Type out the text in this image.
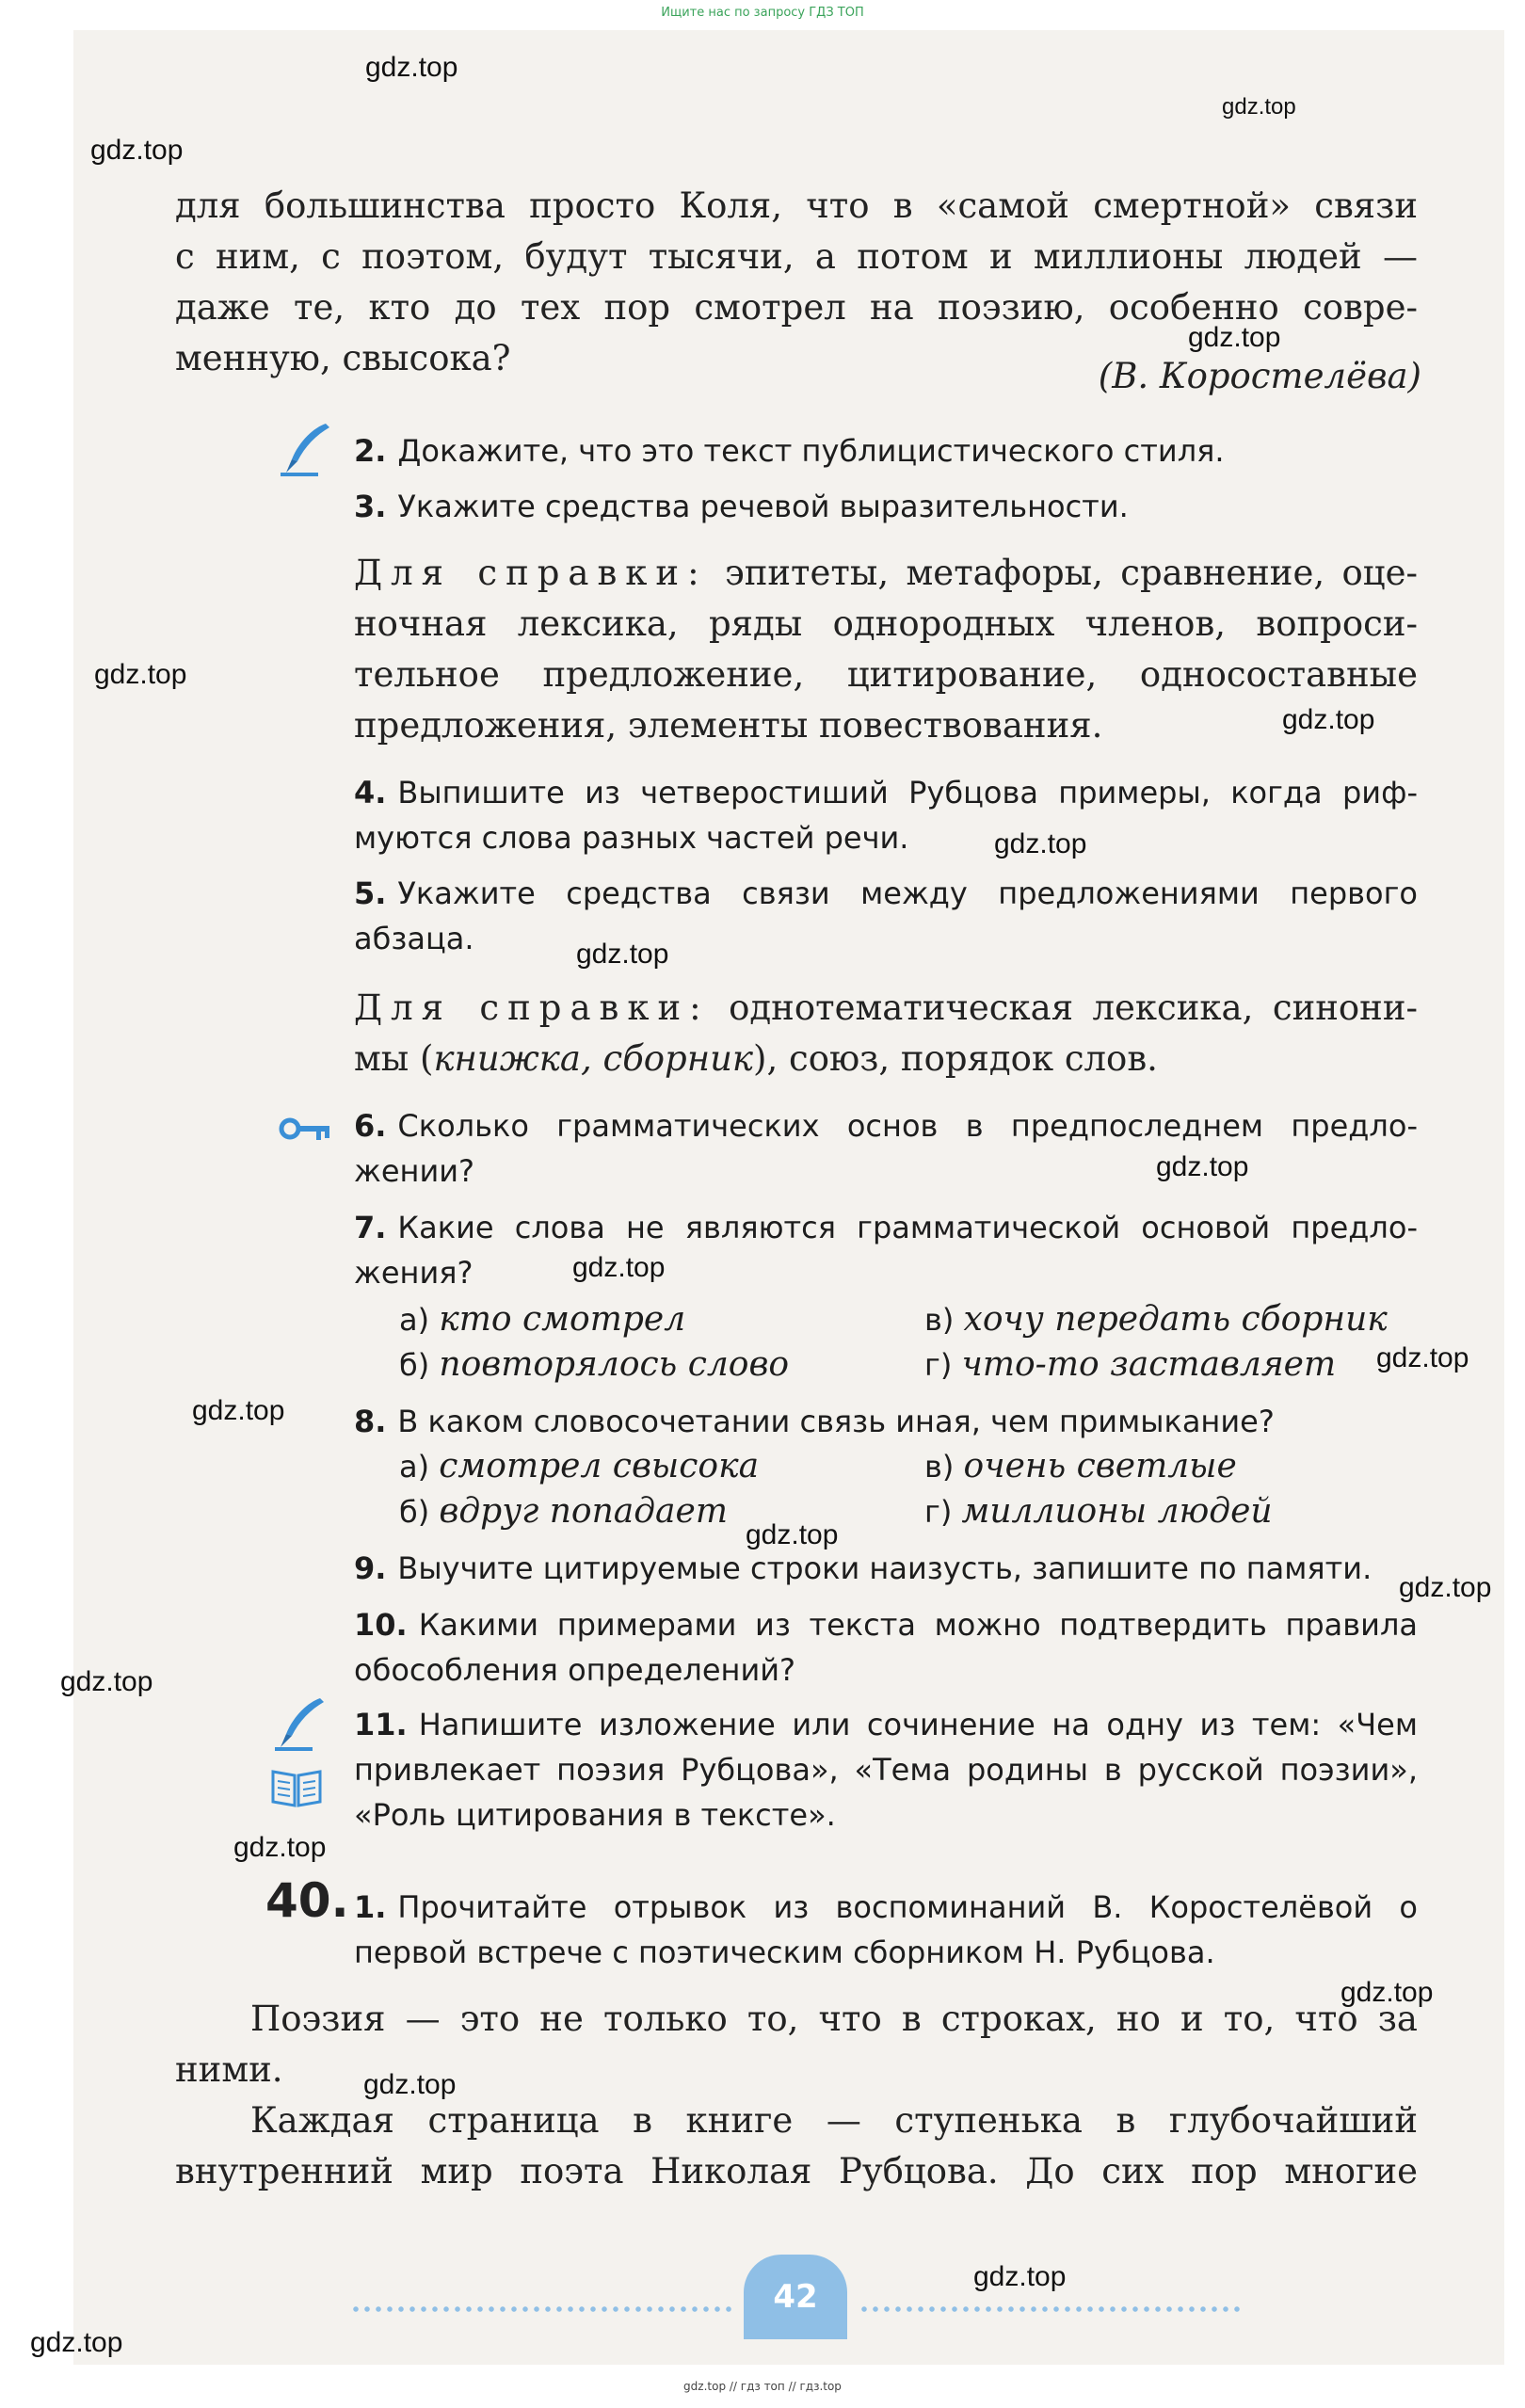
Ищите нас по запросу ГДЗ ТОП
gdz.top
gdz.top
gdz.top
gdz.top
gdz.top
gdz.top
gdz.top
gdz.top
gdz.top
gdz.top
gdz.top
gdz.top
gdz.top
gdz.top
gdz.top
gdz.top
gdz.top
gdz.top
gdz.top
gdz.top
для большинства просто Коля, что в «самой смертной» связи
с ним, с поэтом, будут тысячи, а потом и миллионы людей —
даже те, кто до тех пор смотрел на поэзию, особенно совре-
менную, свысока?	(В. Коростелёва)
2. Докажите, что это текст публицистического стиля.
3. Укажите средства речевой выразительности.
Для справки: эпитеты, метафоры, сравнение, оце-
ночная лексика, ряды однородных членов, вопроси-
тельное предложение, цитирование, односоставные
предложения, элементы повествования.
4. Выпишите из четверостиший Рубцова примеры, когда риф-
муются слова разных частей речи.
5. Укажите средства связи между предложениями первого
абзаца.
Для справки: однотематическая лексика, синони-
мы (книжка, сборник), союз, порядок слов.
6. Сколько грамматических основ в предпоследнем предло-
жении?
7. Какие слова не являются грамматической основой предло-
жения?
а) кто смотрел
б) повторялось слово
в) хочу передать сборник
г) что-то заставляет
8. В каком словосочетании связь иная, чем примыкание?
а) смотрел свысока
б) вдруг попадает
в) очень светлые
г) миллионы людей
9. Выучите цитируемые строки наизусть, запишите по памяти.
10. Какими примерами из текста можно подтвердить правила
обособления определений?
11. Напишите изложение или сочинение на одну из тем: «Чем
привлекает поэзия Рубцова», «Тема родины в русской поэзии»,
«Роль цитирования в тексте».
40. 1. Прочитайте отрывок из воспоминаний В. Коростелёвой о
первой встрече с поэтическим сборником Н. Рубцова.
Поэзия — это не только то, что в строках, но и то, что за
ними.
Каждая страница в книге — ступенька в глубочайший
внутренний мир поэта Николая Рубцова. До сих пор многие
42
gdz.top // гдз топ // гдз.top
